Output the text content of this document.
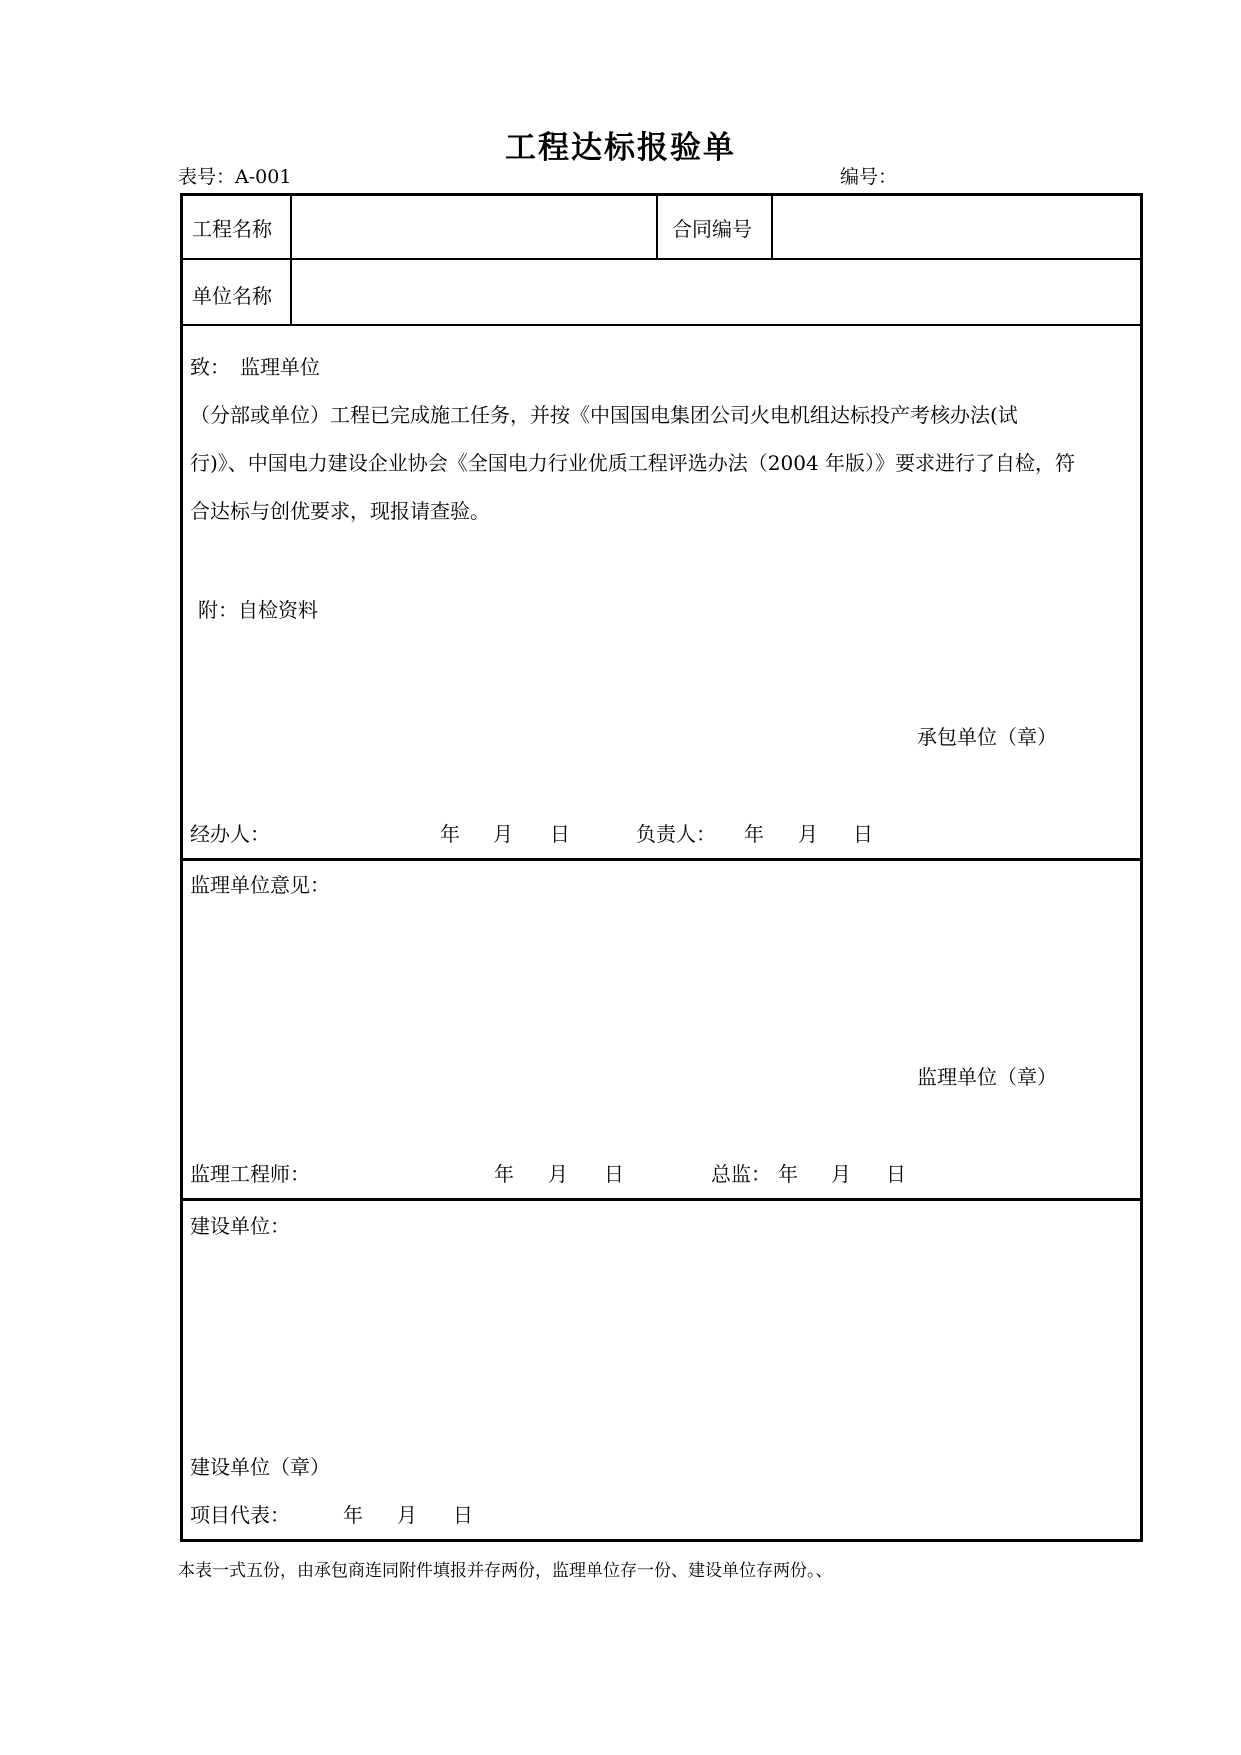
工程达标报验单
表号：A-001	编号：
工程名称	合同编号
单位名称
致：　监理单位
（分部或单位）工程已完成施工任务，并按《中国国电集团公司火电机组达标投产考核办法(试
行)》、中国电力建设企业协会《全国电力行业优质工程评选办法（2004 年版）》要求进行了自检，符
合达标与创优要求，现报请查验。
附：自检资料
承包单位（章）
经办人：	年 月 日	负责人： 年 月 日
监理单位意见：
监理单位（章）
监理工程师：	年 月 日	总监： 年 月 日
建设单位：
建设单位（章）
项目代表：	年 月 日
本表一式五份，由承包商连同附件填报并存两份，监理单位存一份、建设单位存两份。、
